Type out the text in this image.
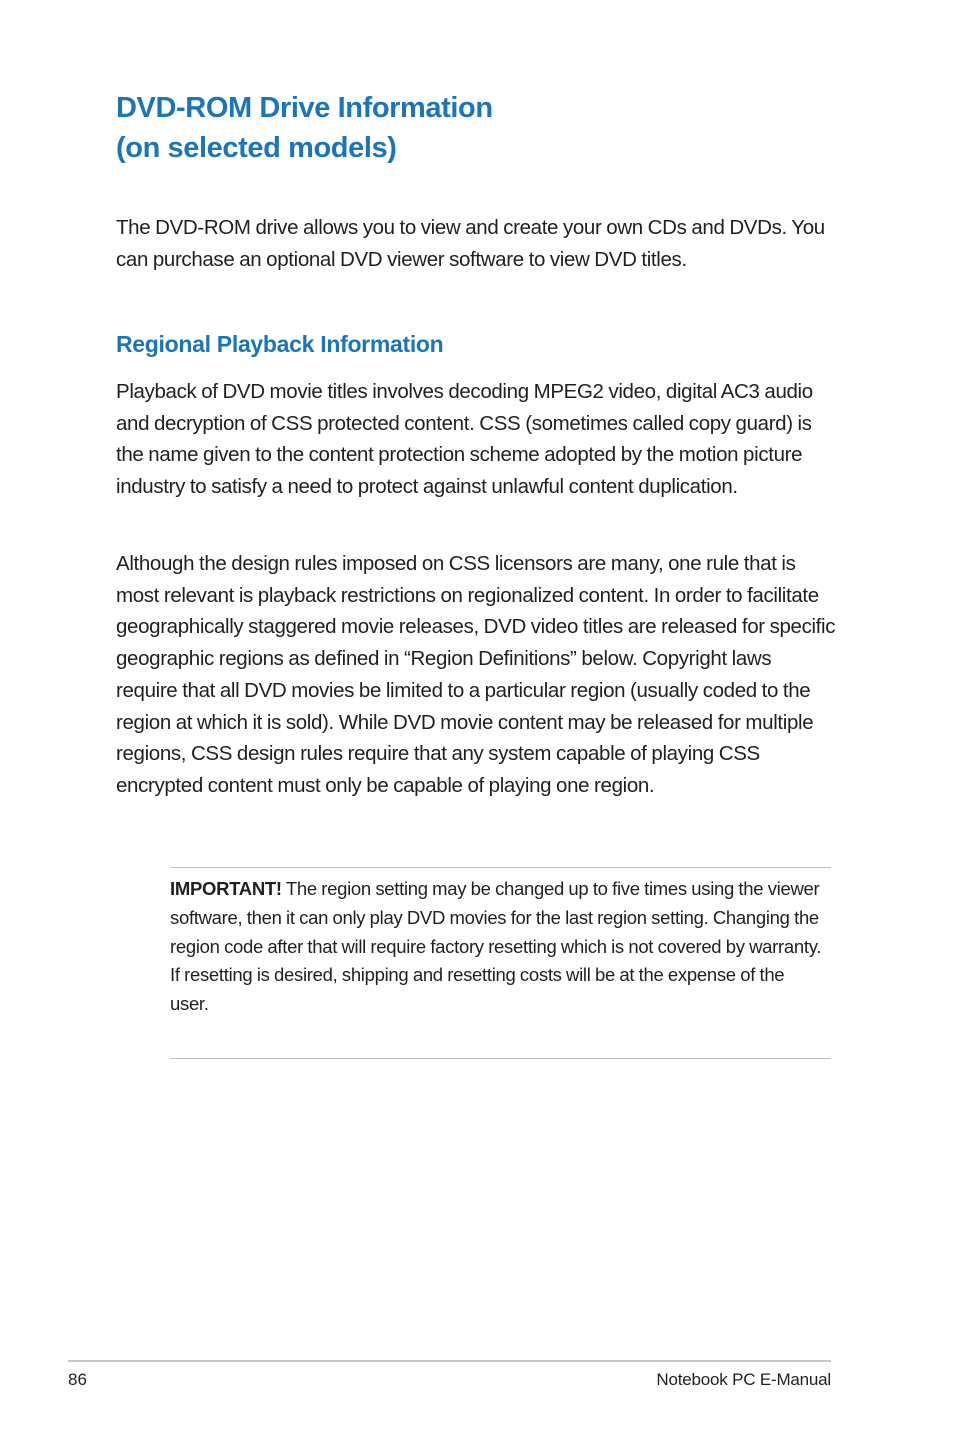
DVD-ROM Drive Information
(on selected models)

The DVD-ROM drive allows you to view and create your own CDs and DVDs. You can purchase an optional DVD viewer software to view DVD titles.

Regional Playback Information

Playback of DVD movie titles involves decoding MPEG2 video, digital AC3 audio and decryption of CSS protected content. CSS (sometimes called copy guard) is the name given to the content protection scheme adopted by the motion picture industry to satisfy a need to protect against unlawful content duplication.

Although the design rules imposed on CSS licensors are many, one rule that is most relevant is playback restrictions on regionalized content. In order to facilitate geographically staggered movie releases, DVD video titles are released for specific geographic regions as defined in “Region Definitions” below. Copyright laws require that all DVD movies be limited to a particular region (usually coded to the region at which it is sold). While DVD movie content may be released for multiple regions, CSS design rules require that any system capable of playing CSS encrypted content must only be capable of playing one region.

IMPORTANT! The region setting may be changed up to five times using the viewer software, then it can only play DVD movies for the last region setting. Changing the region code after that will require factory resetting which is not covered by warranty. If resetting is desired, shipping and resetting costs will be at the expense of the user.

86	Notebook PC E-Manual
